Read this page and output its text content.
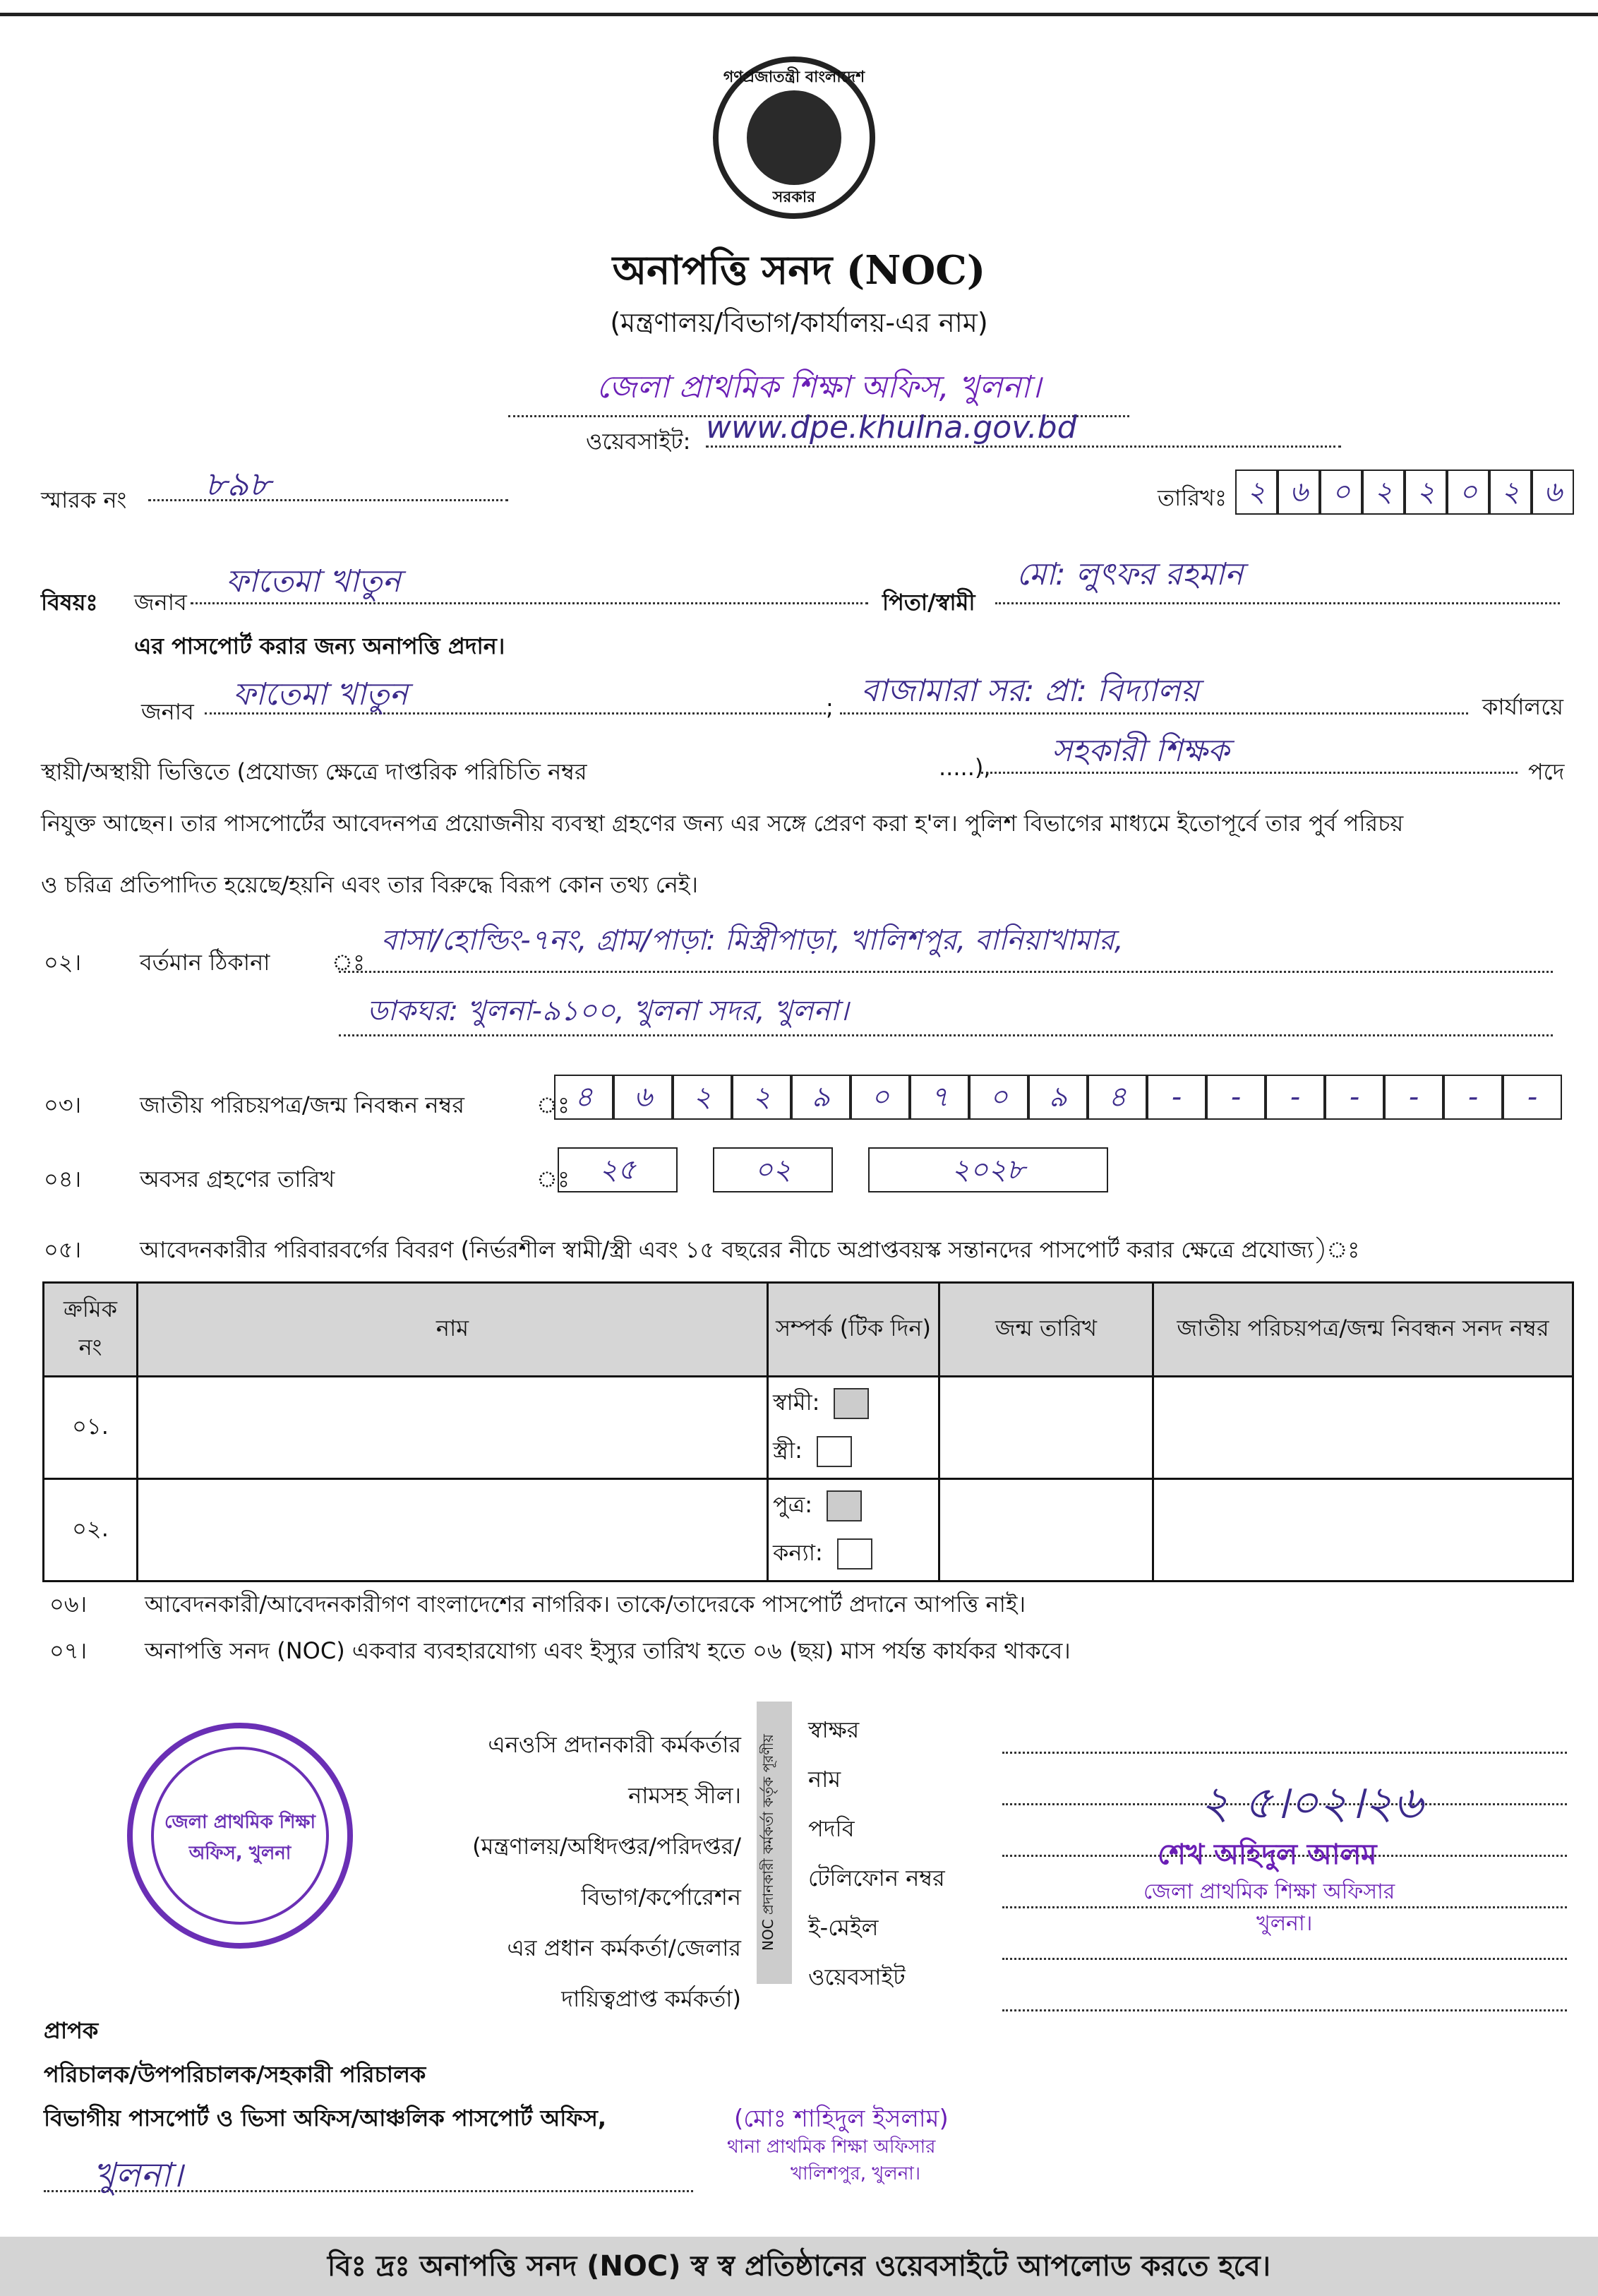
গণপ্রজাতন্ত্রী বাংলাদেশ
সরকার
অনাপত্তি সনদ (NOC)
(মন্ত্রণালয়/বিভাগ/কার্যালয়-এর নাম)
জেলা প্রাথমিক শিক্ষা অফিস, খুলনা।
ওয়েবসাইট: www.dpe.khulna.gov.bd
স্মারক নং	৮৯৮	তারিখঃ ২ ৬ ০ ২ ২ ০ ২ ৬
বিষয়ঃ জনাব
ফাতেমা খাতুন
পিতা/স্বামী
মো: লুৎফর রহমান
এর পাসপোর্ট করার জন্য অনাপত্তি প্রদান।
জনাব	ফাতেমা খাতুন	; বাজামারা সর: প্রা: বিদ্যালয়	কার্যালয়ে
স্থায়ী/অস্থায়ী ভিত্তিতে (প্রযোজ্য ক্ষেত্রে দাপ্তরিক পরিচিতি নম্বর	.....),	সহকারী শিক্ষক
পদে
নিযুক্ত আছেন। তার পাসপোর্টের আবেদনপত্র প্রয়োজনীয় ব্যবস্থা গ্রহণের জন্য এর সঙ্গে প্রেরণ করা হ'ল। পুলিশ বিভাগের মাধ্যমে ইতোপূর্বে তার পুর্ব পরিচয়
ও চরিত্র প্রতিপাদিত হয়েছে/হয়নি এবং তার বিরুদ্ধে বিরূপ কোন তথ্য নেই।
০২।	বর্তমান ঠিকানা	ঃ
বাসা/হোল্ডিং-৭নং, গ্রাম/পাড়া: মিস্ত্রীপাড়া, খালিশপুর, বানিয়াখামার,
ডাকঘর: খুলনা-৯১০০, খুলনা সদর, খুলনা।
০৩।	জাতীয় পরিচয়পত্র/জন্ম নিবন্ধন নম্বর	ঃ ৪ ৬ ২ ২ ৯ ০ ৭ ০ ৯ ৪ - - - - - - -
০৪।	অবসর গ্রহণের তারিখ	ঃ	২৫	০২	২০২৮
০৫।	আবেদনকারীর পরিবারবর্গের বিবরণ (নির্ভরশীল স্বামী/স্ত্রী এবং ১৫ বছরের নীচে অপ্রাপ্তবয়স্ক সন্তানদের পাসপোর্ট করার ক্ষেত্রে প্রযোজ্য)ঃ
ক্রমিক নং	নাম	সম্পর্ক (টিক দিন)	জন্ম তারিখ	জাতীয় পরিচয়পত্র/জন্ম নিবন্ধন সনদ নম্বর
০১.		স্বামী:
স্ত্রী:		

০২.		পুত্র:
কন্যা:		

০৬।	আবেদনকারী/আবেদনকারীগণ বাংলাদেশের নাগরিক। তাকে/তাদেরকে পাসপোর্ট প্রদানে আপত্তি নাই।
০৭।	অনাপত্তি সনদ (NOC) একবার ব্যবহারযোগ্য এবং ইস্যুর তারিখ হতে ০৬ (ছয়) মাস পর্যন্ত কার্যকর থাকবে।
এনওসি প্রদানকারী কর্মকর্তার
নামসহ সীল।
(মন্ত্রণালয়/অধিদপ্তর/পরিদপ্তর/
বিভাগ/কর্পোরেশন
এর প্রধান কর্মকর্তা/জেলার
দায়িত্বপ্রাপ্ত কর্মকর্তা)
NOC প্রদানকারী কর্মকর্তা কর্তৃক পূরণীয়
স্বাক্ষর
নাম
পদবি
টেলিফোন নম্বর
ই-মেইল
ওয়েবসাইট
২ ৫।০২।২৬
শেখ অহিদুল আলম
জেলা প্রাথমিক শিক্ষা অফিসার
খুলনা।
জেলা প্রাথমিক শিক্ষা অফিস, খুলনা
(মোঃ শাহিদুল ইসলাম)
থানা প্রাথমিক শিক্ষা অফিসার
খালিশপুর, খুলনা।
প্রাপক
পরিচালক/উপপরিচালক/সহকারী পরিচালক
বিভাগীয় পাসপোর্ট ও ভিসা অফিস/আঞ্চলিক পাসপোর্ট অফিস,
খুলনা।
বিঃ দ্রঃ অনাপত্তি সনদ (NOC) স্ব স্ব প্রতিষ্ঠানের ওয়েবসাইটে আপলোড করতে হবে।
